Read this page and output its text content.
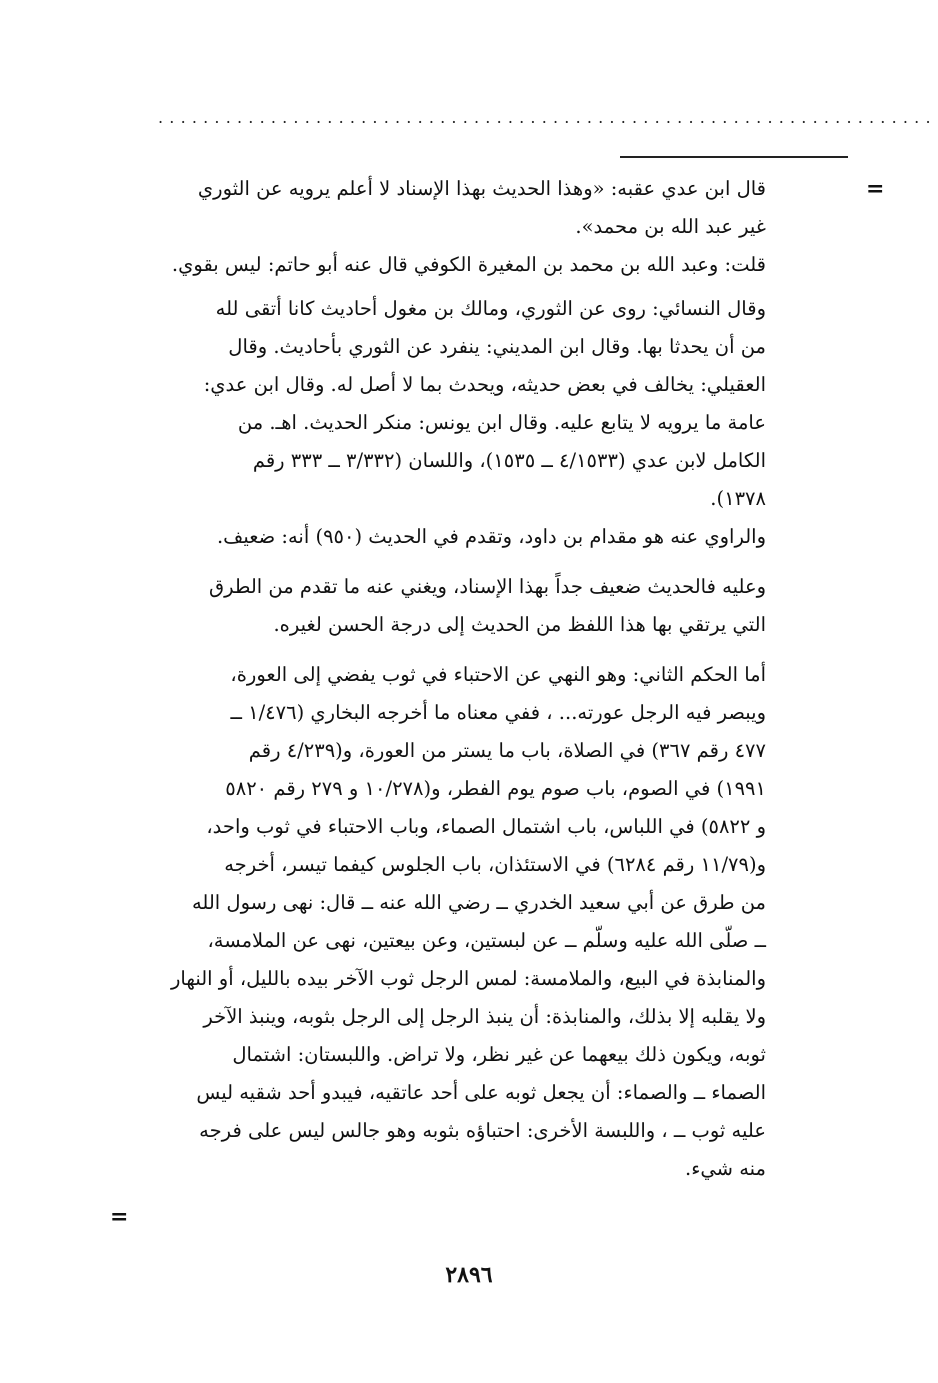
.....................................................................
=
=
قال ابن عدي عقبه: «وهذا الحديث بهذا الإسناد لا أعلم يرويه عن الثوري
غير عبد الله بن محمد».
قلت: وعبد الله بن محمد بن المغيرة الكوفي قال عنه أبو حاتم: ليس بقوي.
وقال النسائي: روى عن الثوري، ومالك بن مغول أحاديث كانا أتقى لله
من أن يحدثا بها. وقال ابن المديني: ينفرد عن الثوري بأحاديث. وقال
العقيلي: يخالف في بعض حديثه، ويحدث بما لا أصل له. وقال ابن عدي:
عامة ما يرويه لا يتابع عليه. وقال ابن يونس: منكر الحديث. اهـ. من
الكامل لابن عدي (٤/١٥٣٣ ــ ١٥٣٥)، واللسان (٣/٣٣٢ ــ ٣٣٣ رقم
١٣٧٨).
والراوي عنه هو مقدام بن داود، وتقدم في الحديث (٩٥٠) أنه: ضعيف.
وعليه فالحديث ضعيف جداً بهذا الإسناد، ويغني عنه ما تقدم من الطرق
التي يرتقي بها هذا اللفظ من الحديث إلى درجة الحسن لغيره.
أما الحكم الثاني: وهو النهي عن الاحتباء في ثوب يفضي إلى العورة،
ويبصر فيه الرجل عورته... ، ففي معناه ما أخرجه البخاري (١/٤٧٦ ــ
٤٧٧ رقم ٣٦٧) في الصلاة، باب ما يستر من العورة، و(٤/٢٣٩ رقم
١٩٩١) في الصوم، باب صوم يوم الفطر، و(١٠/٢٧٨ و ٢٧٩ رقم ٥٨٢٠
و ٥٨٢٢) في اللباس، باب اشتمال الصماء، وباب الاحتباء في ثوب واحد،
و(١١/٧٩ رقم ٦٢٨٤) في الاستئذان، باب الجلوس كيفما تيسر، أخرجه
من طرق عن أبي سعيد الخدري ــ رضي الله عنه ــ قال: نهى رسول الله
ــ صلّى الله عليه وسلّم ــ عن لبستين، وعن بيعتين، نهى عن الملامسة،
والمنابذة في البيع، والملامسة: لمس الرجل ثوب الآخر بيده بالليل، أو النهار
ولا يقلبه إلا بذلك، والمنابذة: أن ينبذ الرجل إلى الرجل بثوبه، وينبذ الآخر
ثوبه، ويكون ذلك بيعهما عن غير نظر، ولا تراض. واللبستان: اشتمال
الصماء ــ والصماء: أن يجعل ثوبه على أحد عاتقيه، فيبدو أحد شقيه ليس
عليه ثوب ــ ، واللبسة الأخرى: احتباؤه بثوبه وهو جالس ليس على فرجه
منه شيء.
٢٨٩٦
